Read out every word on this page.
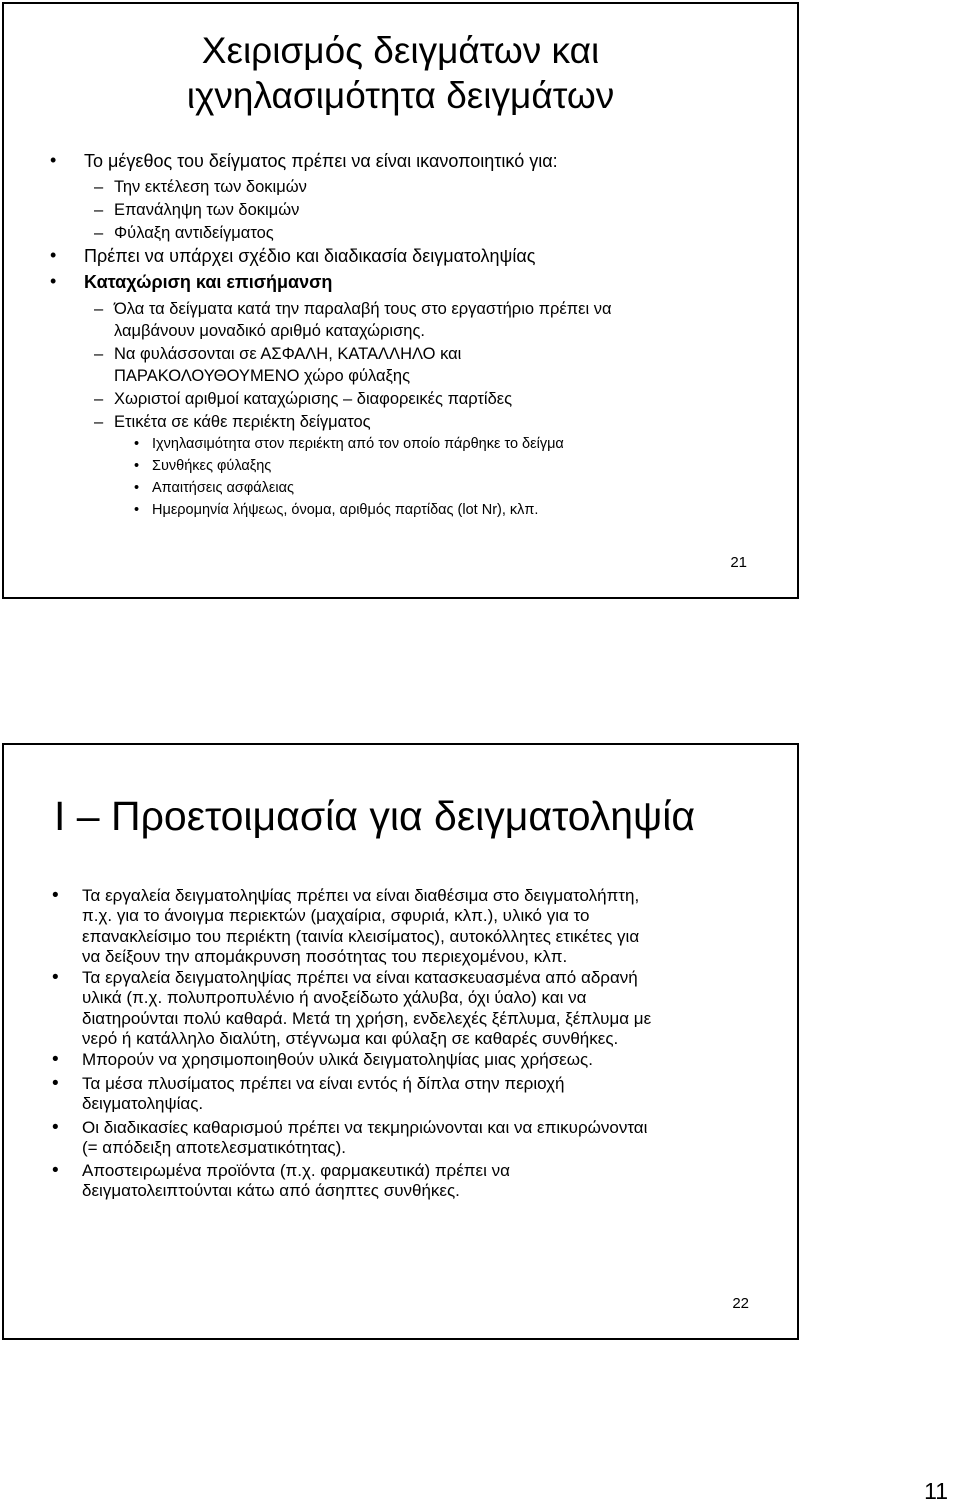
Χειρισμός δειγμάτων και
ιχνηλασιμότητα δειγμάτων
• Το μέγεθος του δείγματος πρέπει να είναι ικανοποιητικό για:
– Την εκτέλεση των δοκιμών
– Επανάληψη των δοκιμών
– Φύλαξη αντιδείγματος
• Πρέπει να υπάρχει σχέδιο και διαδικασία δειγματοληψίας
• Καταχώριση και επισήμανση
– Όλα τα δείγματα κατά την παραλαβή τους στο εργαστήριο πρέπει να
λαμβάνουν μοναδικό αριθμό καταχώρισης.
– Να φυλάσσονται σε ΑΣΦΑΛΗ, ΚΑΤΑΛΛΗΛΟ και
ΠΑΡΑΚΟΛΟΥΘΟΥΜΕΝΟ χώρο φύλαξης
– Χωριστοί αριθμοί καταχώρισης – διαφορεικές παρτίδες
– Ετικέτα σε κάθε περιέκτη δείγματος
• Ιχνηλασιμότητα στον περιέκτη από τον οποίο πάρθηκε το δείγμα
• Συνθήκες φύλαξης
• Απαιτήσεις ασφάλειας
• Ημερομηνία λήψεως, όνομα, αριθμός παρτίδας (lot Nr), κλπ.
21
I – Προετοιμασία για δειγματοληψία
• Τα εργαλεία δειγματοληψίας πρέπει να είναι διαθέσιμα στο δειγματολήπτη,
π.χ. για το άνοιγμα περιεκτών (μαχαίρια, σφυριά, κλπ.), υλικό για το
επανακλείσιμο του περιέκτη (ταινία κλεισίματος), αυτοκόλλητες ετικέτες για
να δείξουν την απομάκρυνση ποσότητας του περιεχομένου, κλπ.
• Τα εργαλεία δειγματοληψίας πρέπει να είναι κατασκευασμένα από αδρανή
υλικά (π.χ. πολυπροπυλένιο ή ανοξείδωτο χάλυβα, όχι ύαλο) και να
διατηρούνται πολύ καθαρά. Μετά τη χρήση, ενδελεχές ξέπλυμα, ξέπλυμα με
νερό ή κατάλληλο διαλύτη, στέγνωμα και φύλαξη σε καθαρές συνθήκες.
• Μπορούν να χρησιμοποιηθούν υλικά δειγματοληψίας μιας χρήσεως.
• Τα μέσα πλυσίματος πρέπει να είναι εντός ή δίπλα στην περιοχή
δειγματοληψίας.
• Οι διαδικασίες καθαρισμού πρέπει να τεκμηριώνονται και να επικυρώνονται
(= απόδειξη αποτελεσματικότητας).
• Αποστειρωμένα προϊόντα (π.χ. φαρμακευτικά) πρέπει να
δειγματολειπτούνται κάτω από άσηπτες συνθήκες.
22
11
